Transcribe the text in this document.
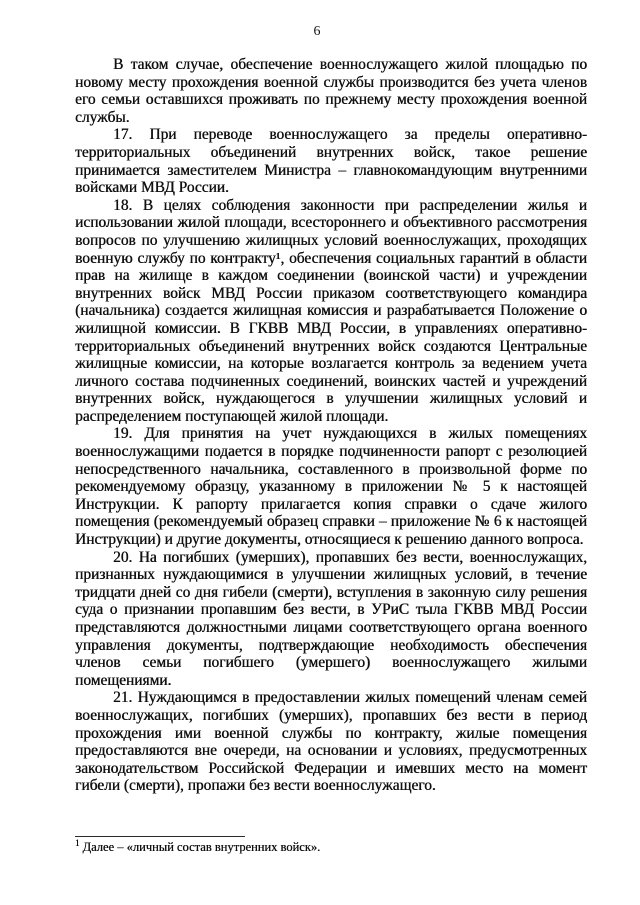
6

В таком случае, обеспечение военнослужащего жилой площадью по новому месту прохождения военной службы производится без учета членов его семьи оставшихся проживать по прежнему месту прохождения военной службы.

17. При переводе военнослужащего за пределы оперативно-территориальных объединений внутренних войск, такое решение принимается заместителем Министра – главнокомандующим внутренними войсками МВД России.

18. В целях соблюдения законности при распределении жилья и использовании жилой площади, всестороннего и объективного рассмотрения вопросов по улучшению жилищных условий военнослужащих, проходящих военную службу по контракту¹, обеспечения социальных гарантий в области прав на жилище в каждом соединении (воинской части) и учреждении внутренних войск МВД России приказом соответствующего командира (начальника) создается жилищная комиссия и разрабатывается Положение о жилищной комиссии. В ГКВВ МВД России, в управлениях оперативно-территориальных объединений внутренних войск создаются Центральные жилищные комиссии, на которые возлагается контроль за ведением учета личного состава подчиненных соединений, воинских частей и учреждений внутренних войск, нуждающегося в улучшении жилищных условий и распределением поступающей жилой площади.

19. Для принятия на учет нуждающихся в жилых помещениях военнослужащими подается в порядке подчиненности рапорт с резолюцией непосредственного начальника, составленного в произвольной форме по рекомендуемому образцу, указанному в приложении № 5 к настоящей Инструкции. К рапорту прилагается копия справки о сдаче жилого помещения (рекомендуемый образец справки – приложение № 6 к настоящей Инструкции) и другие документы, относящиеся к решению данного вопроса.

20. На погибших (умерших), пропавших без вести, военнослужащих, признанных нуждающимися в улучшении жилищных условий, в течение тридцати дней со дня гибели (смерти), вступления в законную силу решения суда о признании пропавшим без вести, в УРиС тыла ГКВВ МВД России представляются должностными лицами соответствующего органа военного управления документы, подтверждающие необходимость обеспечения членов семьи погибшего (умершего) военнослужащего жилыми помещениями.

21. Нуждающимся в предоставлении жилых помещений членам семей военнослужащих, погибших (умерших), пропавших без вести в период прохождения ими военной службы по контракту, жилые помещения предоставляются вне очереди, на основании и условиях, предусмотренных законодательством Российской Федерации и имевших место на момент гибели (смерти), пропажи без вести военнослужащего.

$^1$ Далее – «личный состав внутренних войск».
